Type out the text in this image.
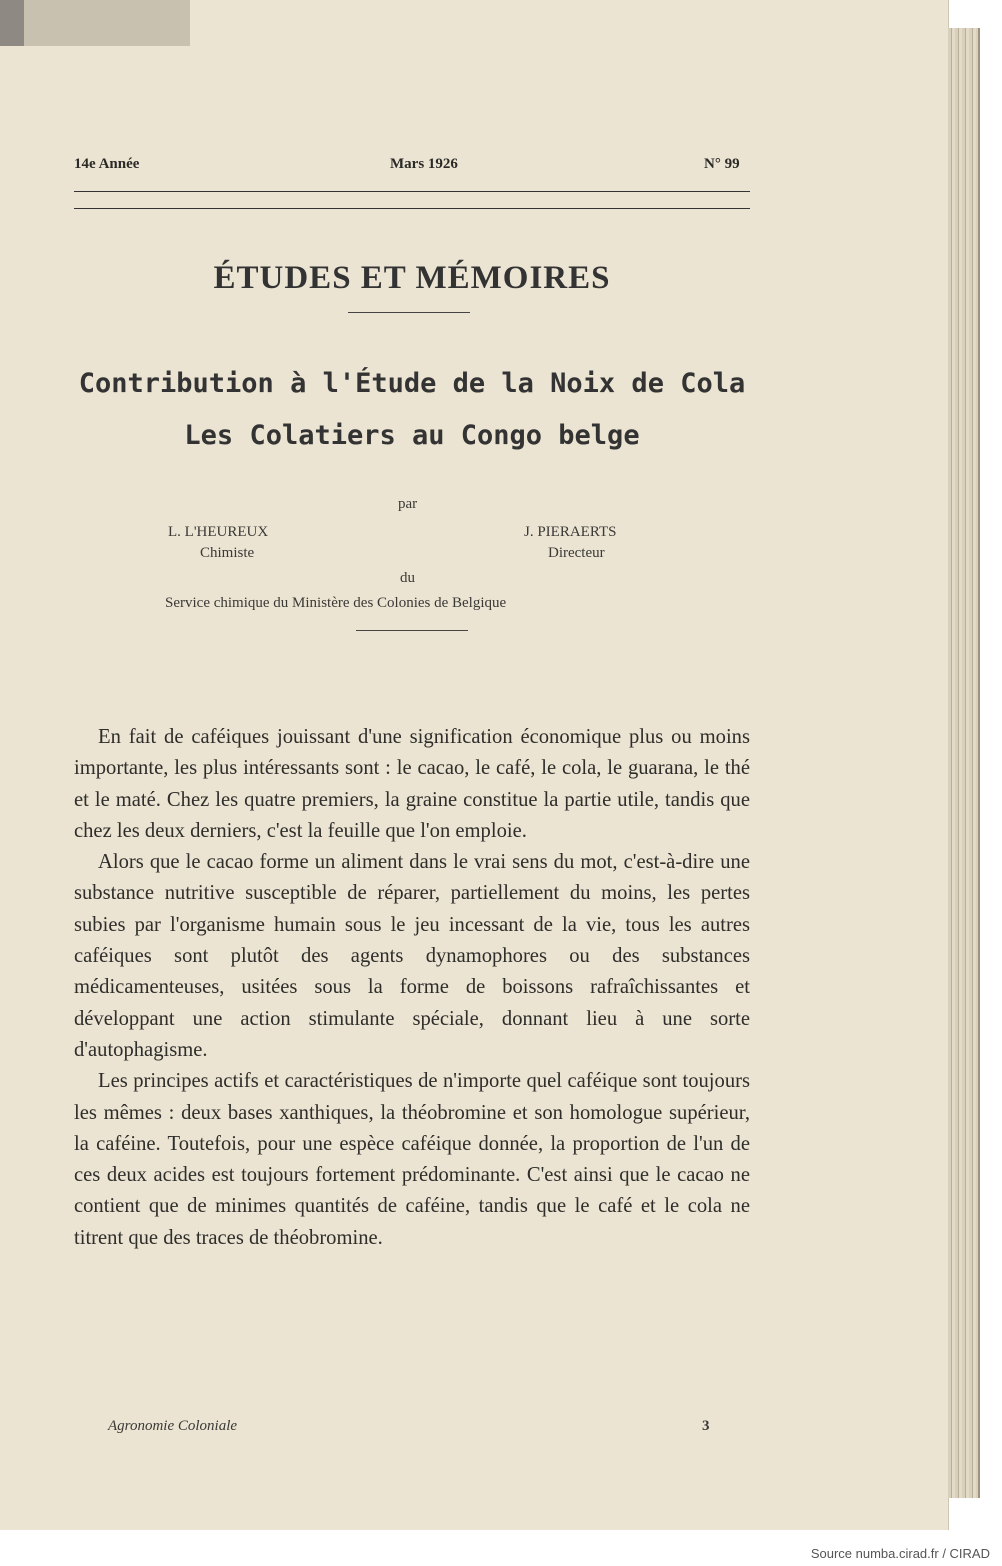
14e Année	Mars 1926	N° 99
ÉTUDES ET MÉMOIRES
Contribution à l'Étude de la Noix de Cola
Les Colatiers au Congo belge
par
L. L'HEUREUX
Chimiste
J. PIERAERTS
Directeur
du
Service chimique du Ministère des Colonies de Belgique

En fait de caféiques jouissant d'une signification économique plus ou moins importante, les plus intéressants sont : le cacao, le café, le cola, le guarana, le thé et le maté. Chez les quatre premiers, la graine constitue la partie utile, tandis que chez les deux derniers, c'est la feuille que l'on emploie.

Alors que le cacao forme un aliment dans le vrai sens du mot, c'est-à-dire une substance nutritive susceptible de réparer, partiellement du moins, les pertes subies par l'organisme humain sous le jeu incessant de la vie, tous les autres caféiques sont plutôt des agents dynamophores ou des substances médicamenteuses, usitées sous la forme de boissons rafraîchissantes et développant une action stimulante spéciale, donnant lieu à une sorte d'autophagisme.

Les principes actifs et caractéristiques de n'importe quel caféique sont toujours les mêmes : deux bases xanthiques, la théobromine et son homologue supérieur, la caféine. Toutefois, pour une espèce caféique donnée, la proportion de l'un de ces deux acides est toujours fortement prédominante. C'est ainsi que le cacao ne contient que de minimes quantités de caféine, tandis que le café et le cola ne titrent que des traces de théobromine.

Agronomie Coloniale	3
Source numba.cirad.fr / CIRAD
